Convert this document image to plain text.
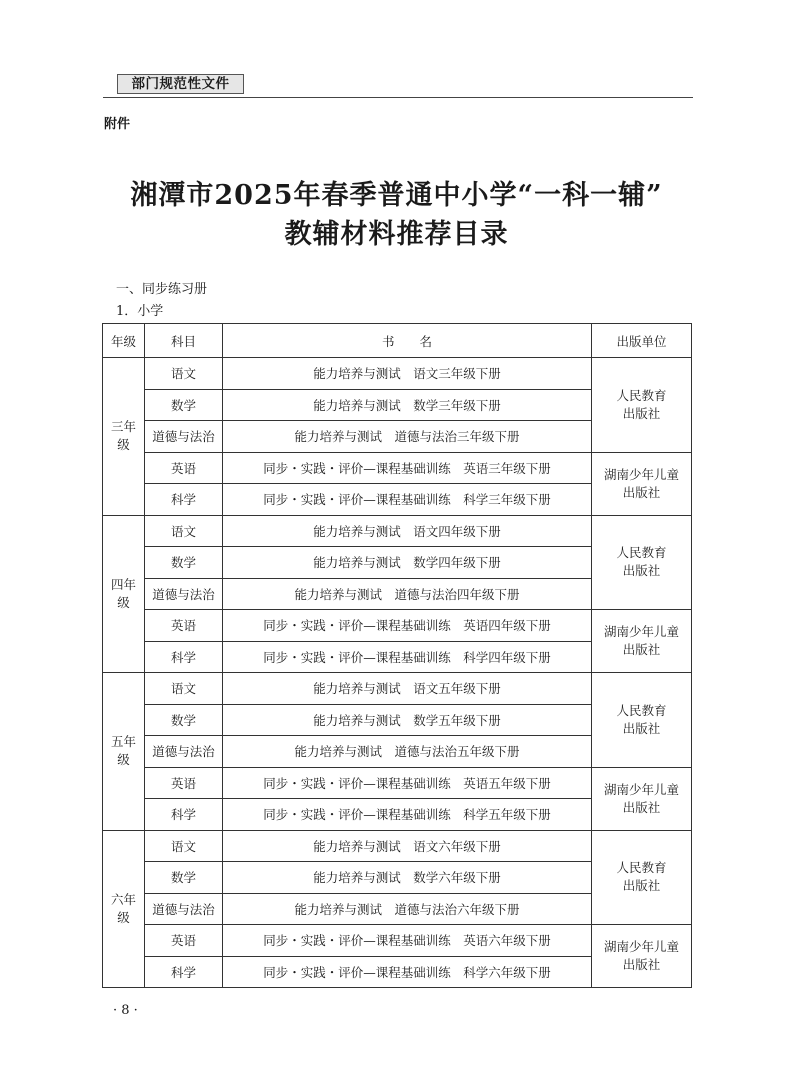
部门规范性文件
附件
湘潭市2025年春季普通中小学“一科一辅”
教辅材料推荐目录
一、同步练习册
1．小学
年级	科目	书　　名	出版单位

三年
级	语文	能力培养与测试　语文三年级下册	人民教育
出版社

	数学	能力培养与测试　数学三年级下册	
	道德与法治	能力培养与测试　道德与法治三年级下册	
	英语	同步・实践・评价—课程基础训练　英语三年级下册	湖南少年儿童
出版社

	科学	同步・实践・评价—课程基础训练　科学三年级下册	

四年
级	语文	能力培养与测试　语文四年级下册	人民教育
出版社

	数学	能力培养与测试　数学四年级下册	
	道德与法治	能力培养与测试　道德与法治四年级下册	
	英语	同步・实践・评价—课程基础训练　英语四年级下册	湖南少年儿童
出版社

	科学	同步・实践・评价—课程基础训练　科学四年级下册	

五年
级	语文	能力培养与测试　语文五年级下册	人民教育
出版社

	数学	能力培养与测试　数学五年级下册	
	道德与法治	能力培养与测试　道德与法治五年级下册	
	英语	同步・实践・评价—课程基础训练　英语五年级下册	湖南少年儿童
出版社

	科学	同步・实践・评价—课程基础训练　科学五年级下册	

六年
级	语文	能力培养与测试　语文六年级下册	人民教育
出版社

	数学	能力培养与测试　数学六年级下册	
	道德与法治	能力培养与测试　道德与法治六年级下册	
	英语	同步・实践・评价—课程基础训练　英语六年级下册	湖南少年儿童
出版社

	科学	同步・实践・评价—课程基础训练　科学六年级下册	
· 8 ·
